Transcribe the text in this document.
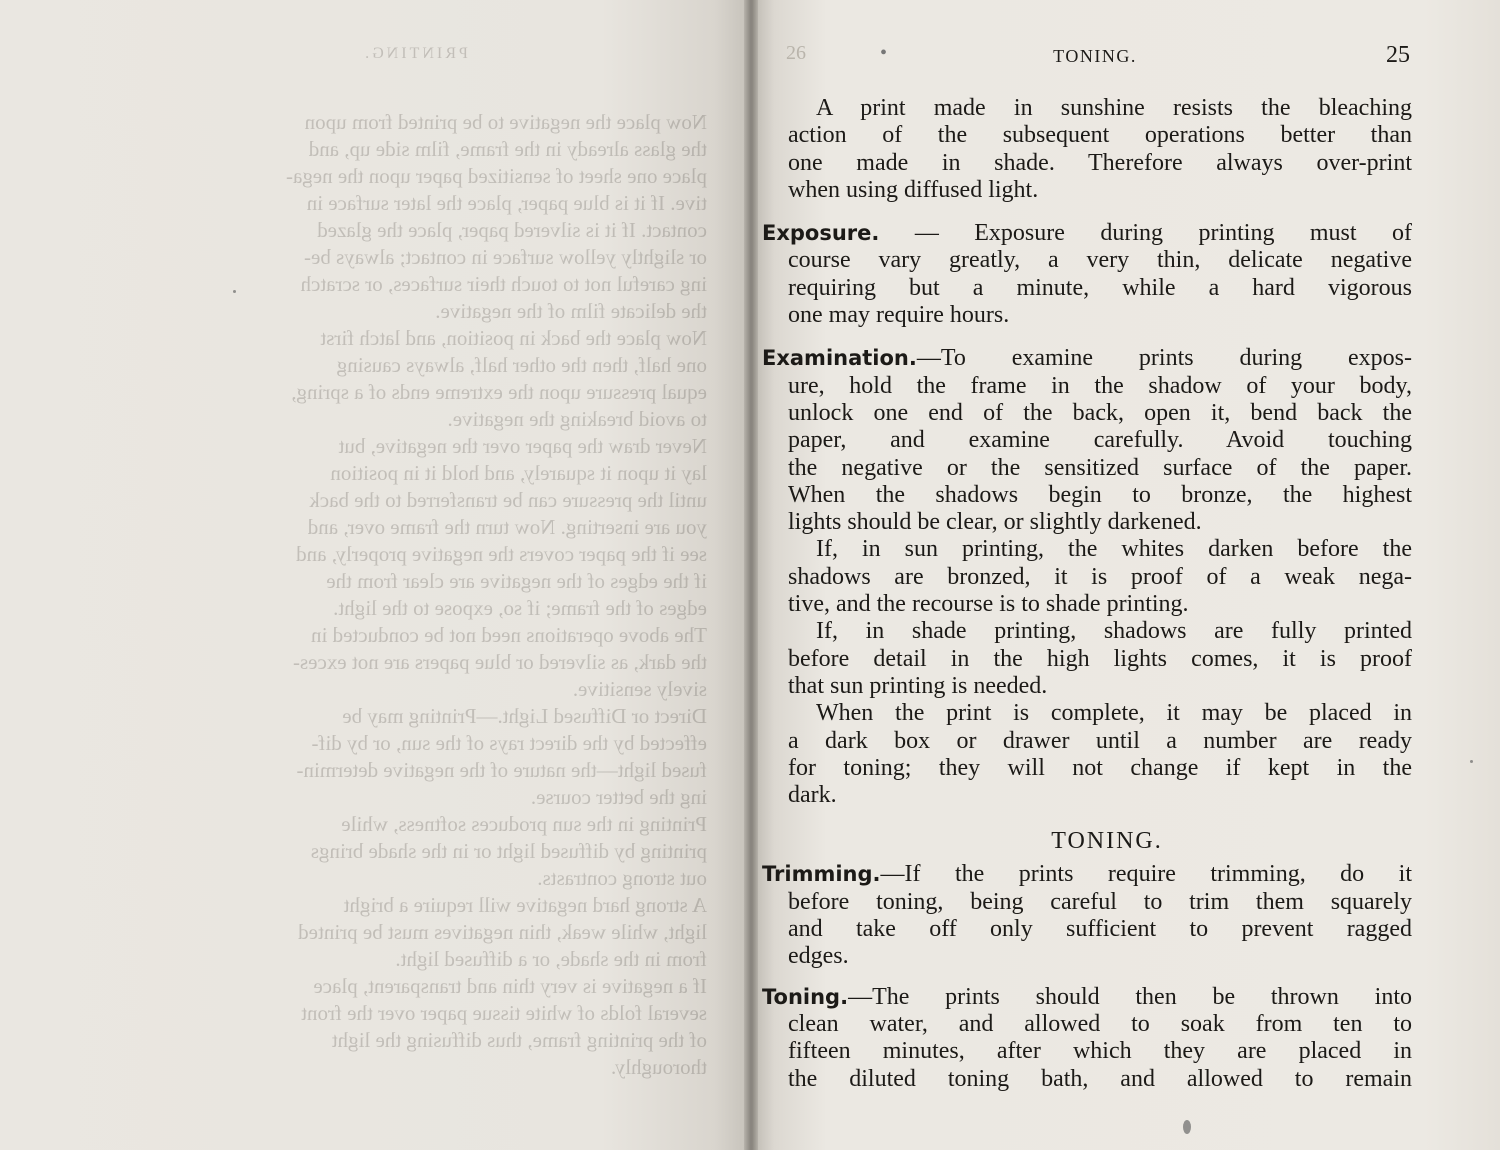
PRINTING.

Now place the negative to be printed from upon

the glass already in the frame, film side up, and

place one sheet of sensitized paper upon the nega-

tive. If it is blue paper, place the later surface in

contact. If it is silvered paper, place the glazed

or slightly yellow surface in contact; always be-

ing careful not to touch their surfaces, or scratch

the delicate film of the negative.

Now place the back in position, and latch first

one half, then the other half, always causing

equal pressure upon the extreme ends of a spring,

to avoid breaking the negative.

Never draw the paper over the negative, but

lay it upon it squarely, and hold it in position

until the pressure can be transferred to the back

you are inserting. Now turn the frame over, and

see if the paper covers the negative properly, and

if the edges of the negative are clear from the

edges of the frame; if so, expose to the light.

The above operations need not be conducted in

the dark, as silvered or blue papers are not exces-

sively sensitive.

Direct or Diffused Light.—Printing may be

effected by the direct rays of the sun, or by dif-

fused light—the nature of the negative determin-

ing the better course.

Printing in the sun produces softness, while

printing by diffused light or in the shade brings

out strong contrasts.

A strong hard negative will require a bright

light, while weak, thin negatives must be printed

from in the shade, or a diffused light.

If a negative is very thin and transparent, place

several folds of white tissue paper over the front

of the printing frame, thus diffusing the light

thoroughly.

26	•	TONING.	25
A print made in sunshine resists the bleaching
action of the subsequent operations better than
one made in shade. Therefore always over-print
when using diffused light.
Exposure. — Exposure during printing must of
course vary greatly, a very thin, delicate negative
requiring but a minute, while a hard vigorous
one may require hours.
Examination.—To examine prints during expos-
ure, hold the frame in the shadow of your body,
unlock one end of the back, open it, bend back the
paper, and examine carefully. Avoid touching
the negative or the sensitized surface of the paper.
When the shadows begin to bronze, the highest
lights should be clear, or slightly darkened.
If, in sun printing, the whites darken before the
shadows are bronzed, it is proof of a weak nega-
tive, and the recourse is to shade printing.
If, in shade printing, shadows are fully printed
before detail in the high lights comes, it is proof
that sun printing is needed.
When the print is complete, it may be placed in
a dark box or drawer until a number are ready
for toning; they will not change if kept in the
dark.
TONING.
Trimming.—If the prints require trimming, do it
before toning, being careful to trim them squarely
and take off only sufficient to prevent ragged
edges.
Toning.—The prints should then be thrown into
clean water, and allowed to soak from ten to
fifteen minutes, after which they are placed in
the diluted toning bath, and allowed to remain
